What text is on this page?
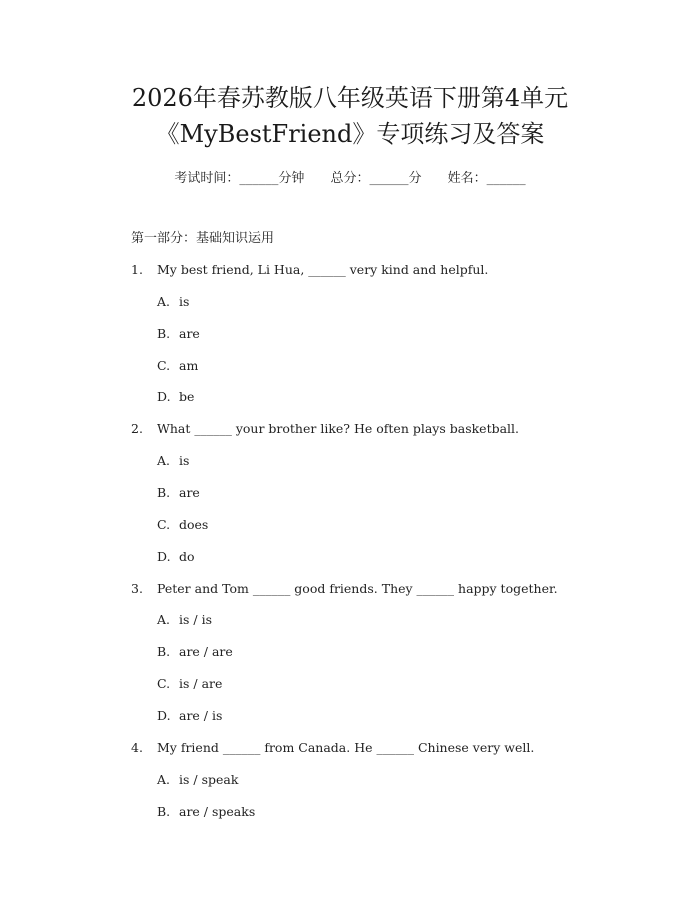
2026年春苏教版八年级英语下册第4单元
《MyBestFriend》专项练习及答案
考试时间：______分钟 总分：______分 姓名：______
第一部分：基础知识运用
1. My best friend, Li Hua, ______ very kind and helpful.
A. is
B. are
C. am
D. be
2. What ______ your brother like? He often plays basketball.
A. is
B. are
C. does
D. do
3. Peter and Tom ______ good friends. They ______ happy together.
A. is / is
B. are / are
C. is / are
D. are / is
4. My friend ______ from Canada. He ______ Chinese very well.
A. is / speak
B. are / speaks
